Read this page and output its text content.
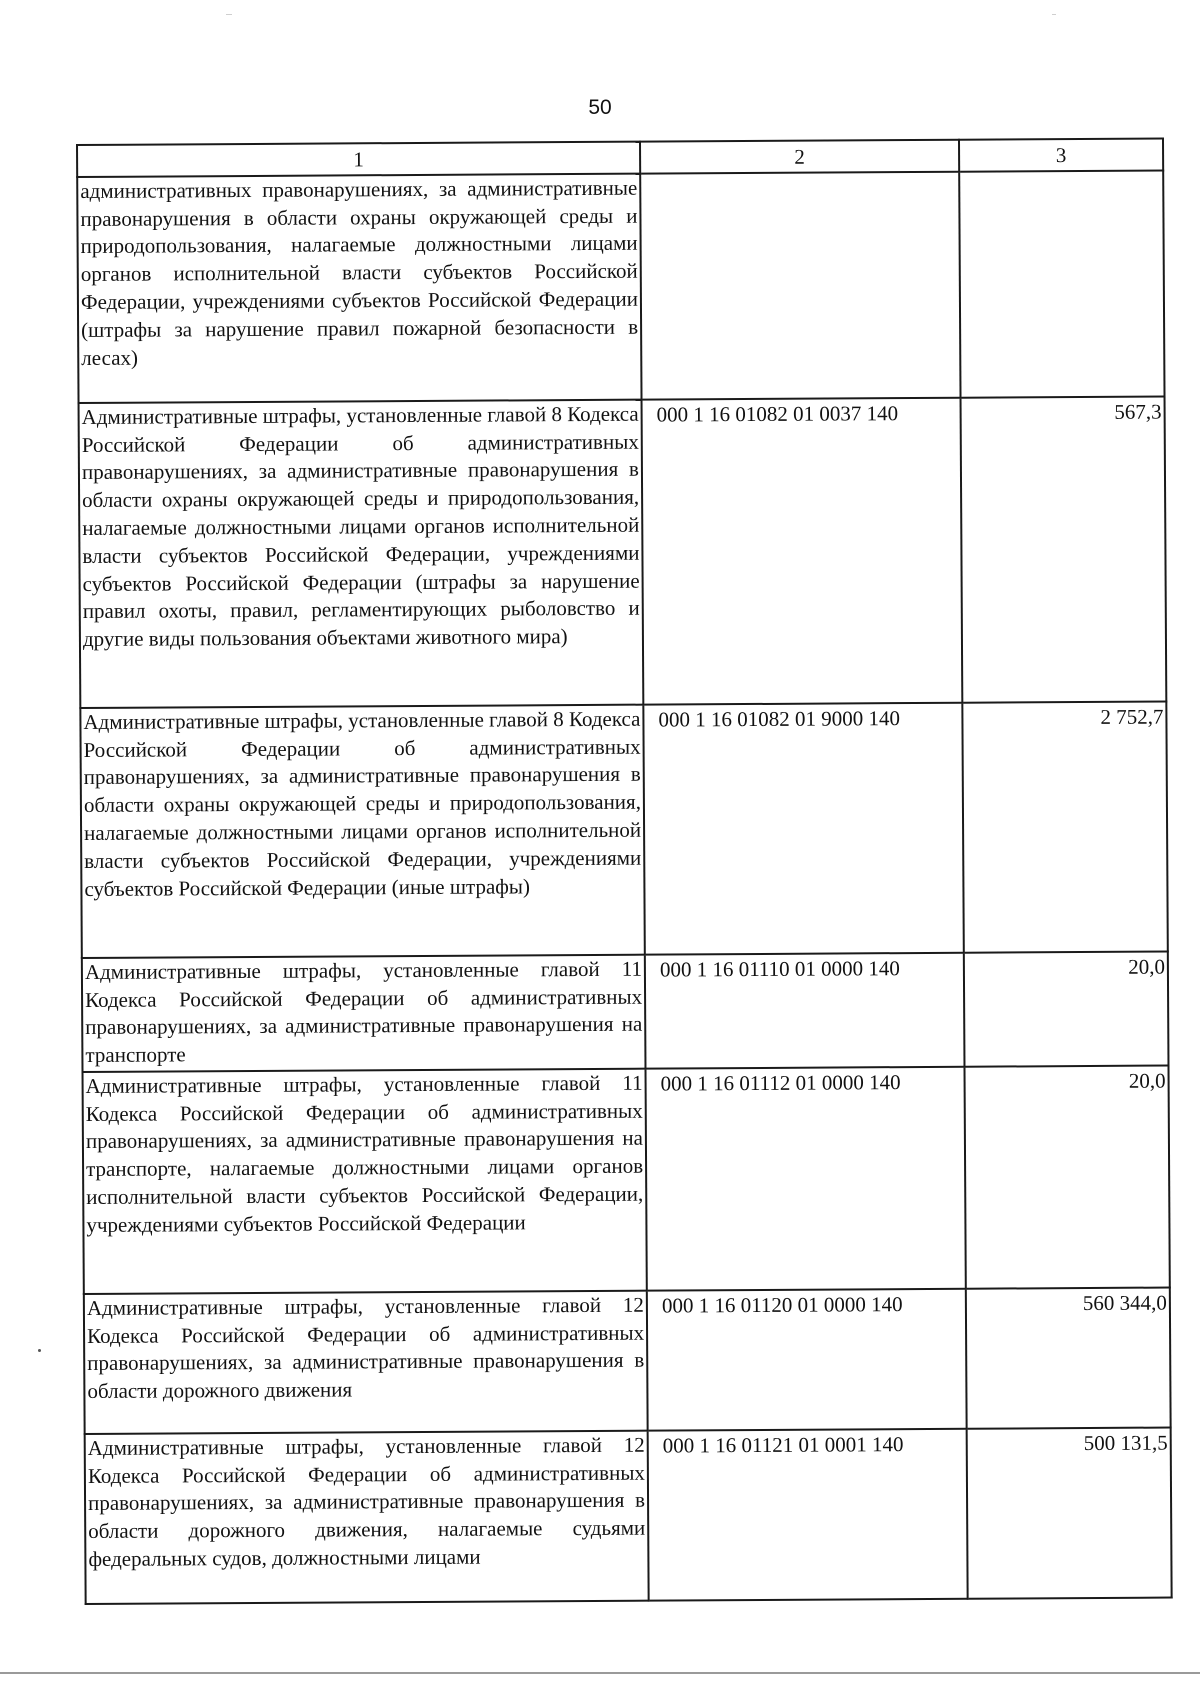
50
1	2	3
административных правонарушениях, за административные правонарушения в области охраны окружающей среды и природопользования, налагаемые должностными лицами органов исполнительной власти субъектов Российской Федерации, учреждениями субъектов Российской Федерации (штрафы за нарушение правил пожарной безопасности в лесах)		
Административные штрафы, установленные главой 8 Кодекса Российской Федерации об административных правонарушениях, за административные правонарушения в области охраны окружающей среды и природопользования, налагаемые должностными лицами органов исполнительной власти субъектов Российской Федерации, учреждениями субъектов Российской Федерации (штрафы за нарушение правил охоты, правил, регламентирующих рыболовство и другие виды пользования объектами животного мира)	000 1 16 01082 01 0037 140	567,3
Административные штрафы, установленные главой 8 Кодекса Российской Федерации об административных правонарушениях, за административные правонарушения в области охраны окружающей среды и природопользования, налагаемые должностными лицами органов исполнительной власти субъектов Российской Федерации, учреждениями субъектов Российской Федерации (иные штрафы)	000 1 16 01082 01 9000 140	2 752,7
Административные штрафы, установленные главой 11 Кодекса Российской Федерации об административных правонарушениях, за административные правонарушения на транспорте	000 1 16 01110 01 0000 140	20,0
Административные штрафы, установленные главой 11 Кодекса Российской Федерации об административных правонарушениях, за административные правонарушения на транспорте, налагаемые должностными лицами органов исполнительной власти субъектов Российской Федерации, учреждениями субъектов Российской Федерации	000 1 16 01112 01 0000 140	20,0
Административные штрафы, установленные главой 12 Кодекса Российской Федерации об административных правонарушениях, за административные правонарушения в области дорожного движения	000 1 16 01120 01 0000 140	560 344,0
Административные штрафы, установленные главой 12 Кодекса Российской Федерации об административных правонарушениях, за административные правонарушения в области дорожного движения, налагаемые судьями федеральных судов, должностными лицами	000 1 16 01121 01 0001 140	500 131,5
